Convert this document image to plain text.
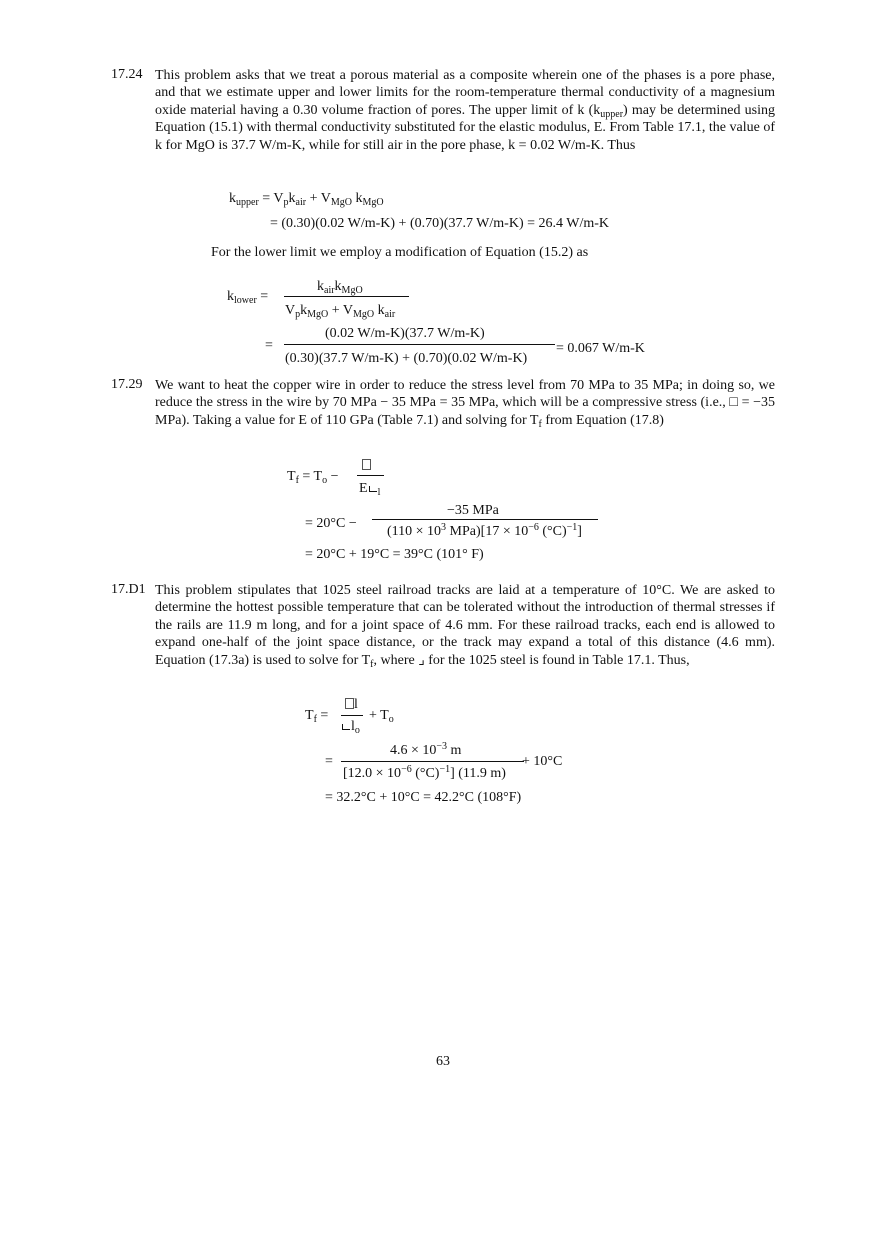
17.24 This problem asks that we treat a porous material as a composite wherein one of the phases is a pore phase, and that we estimate upper and lower limits for the room-temperature thermal conductivity of a magnesium oxide material having a 0.30 volume fraction of pores. The upper limit of k $(k_{upper})$ may be determined using Equation (15.1) with thermal conductivity substituted for the elastic modulus, E. From Table 17.1, the value of k for MgO is 37.7 W/m-K, while for still air in the pore phase, k = 0.02 W/m-K. Thus
$k_{upper} = V_pk_{air} + V_{MgO}$ $k_{MgO}$
= (0.30)(0.02 W/m-K) + (0.70)(37.7 W/m-K) = 26.4 W/m-K
For the lower limit we employ a modification of Equation (15.2) as
$k_{lower}$ =
$k_{air}k_{MgO}$
$V_pk_{MgO} + V_{MgO}$ $k_{air}$
=
(0.02 W/m-K)(37.7 W/m-K)
(0.30)(37.7 W/m-K) + (0.70)(0.02 W/m-K)
= 0.067 W/m-K
17.29 We want to heat the copper wire in order to reduce the stress level from 70 MPa to 35 MPa; in doing so, we reduce the stress in the wire by 70 MPa − 35 MPa = 35 MPa, which will be a compressive stress (i.e., □ = −35 MPa). Taking a value for E of 110 GPa (Table 7.1) and solving for $T_f$ from Equation (17.8)
$T_f = T_o$ −
E $_l$
= 20°C −
−35 MPa
($110 \times 10^3$ $MPa)[17 \times 10^{-6}$ $(^\circ C)^{-1}$]
= 20°C + 19°C = 39°C (101° F)
17.D1 This problem stipulates that 1025 steel railroad tracks are laid at a temperature of 10°C. We are asked to determine the hottest possible temperature that can be tolerated without the introduction of thermal stresses if the rails are 11.9 m long, and for a joint space of 4.6 mm. For these railroad tracks, each end is allowed to expand one-half of the joint space distance, or the track may expand a total of this distance (4.6 mm). Equation (17.3a) is used to solve for $T_f$, where ⌟ for the 1025 steel is found in Table 17.1. Thus,
$T_f$ =
l
$l_o$
+ $T_o$
=
$4.6 \times 10^{-3}$ m
[$12.0 \times 10^{-6}$ $(^\circ C)^{-1}$] (11.9 m)
+ 10°C
= 32.2°C + 10°C = 42.2°C (108°F)
63
